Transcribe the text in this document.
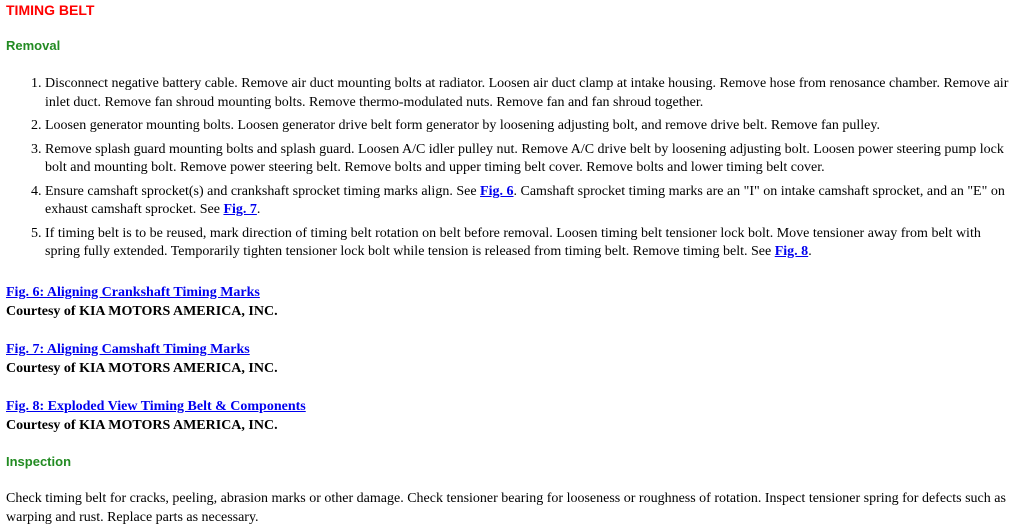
TIMING BELT
Removal
1. Disconnect negative battery cable. Remove air duct mounting bolts at radiator. Loosen air duct clamp at intake housing. Remove hose from renosance chamber. Remove air inlet duct. Remove fan shroud mounting bolts. Remove thermo-modulated nuts. Remove fan and fan shroud together.
2. Loosen generator mounting bolts. Loosen generator drive belt form generator by loosening adjusting bolt, and remove drive belt. Remove fan pulley.
3. Remove splash guard mounting bolts and splash guard. Loosen A/C idler pulley nut. Remove A/C drive belt by loosening adjusting bolt. Loosen power steering pump lock bolt and mounting bolt. Remove power steering belt. Remove bolts and upper timing belt cover. Remove bolts and lower timing belt cover.
4. Ensure camshaft sprocket(s) and crankshaft sprocket timing marks align. See Fig. 6. Camshaft sprocket timing marks are an "I" on intake camshaft sprocket, and an "E" on exhaust camshaft sprocket. See Fig. 7.
5. If timing belt is to be reused, mark direction of timing belt rotation on belt before removal. Loosen timing belt tensioner lock bolt. Move tensioner away from belt with spring fully extended. Temporarily tighten tensioner lock bolt while tension is released from timing belt. Remove timing belt. See Fig. 8.
Fig. 6: Aligning Crankshaft Timing Marks
Courtesy of KIA MOTORS AMERICA, INC.
Fig. 7: Aligning Camshaft Timing Marks
Courtesy of KIA MOTORS AMERICA, INC.
Fig. 8: Exploded View Timing Belt & Components
Courtesy of KIA MOTORS AMERICA, INC.
Inspection

Check timing belt for cracks, peeling, abrasion marks or other damage. Check tensioner bearing for looseness or roughness of rotation. Inspect tensioner spring for defects such as warping and rust. Replace parts as necessary.
